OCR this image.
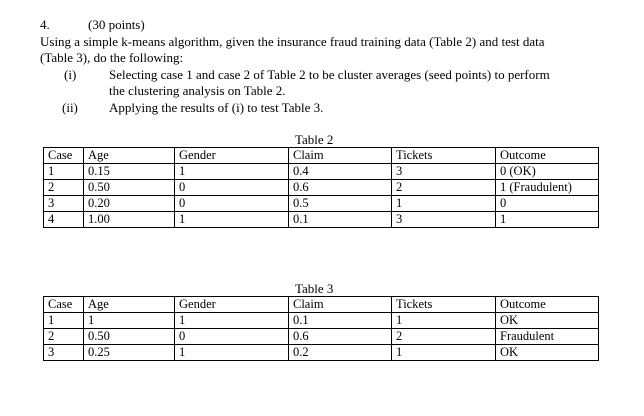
4.	(30 points)
Using a simple k-means algorithm, given the insurance fraud training data (Table 2) and test data
(Table 3), do the following:
(i)	Selecting case 1 and case 2 of Table 2 to be cluster averages (seed points) to perform
the clustering analysis on Table 2.
(ii) Applying the results of (i) to test Table 3.
Table 2
Case	Age	Gender	Claim	Tickets	Outcome
1	0.15	1	0.4	3	0 (OK)
2	0.50	0	0.6	2	1 (Fraudulent)
3	0.20	0	0.5	1	0
4	1.00	1	0.1	3	1
Table 3
Case	Age	Gender	Claim	Tickets	Outcome
1	1	1	0.1	1	OK
2	0.50	0	0.6	2	Fraudulent
3	0.25	1	0.2	1	OK
